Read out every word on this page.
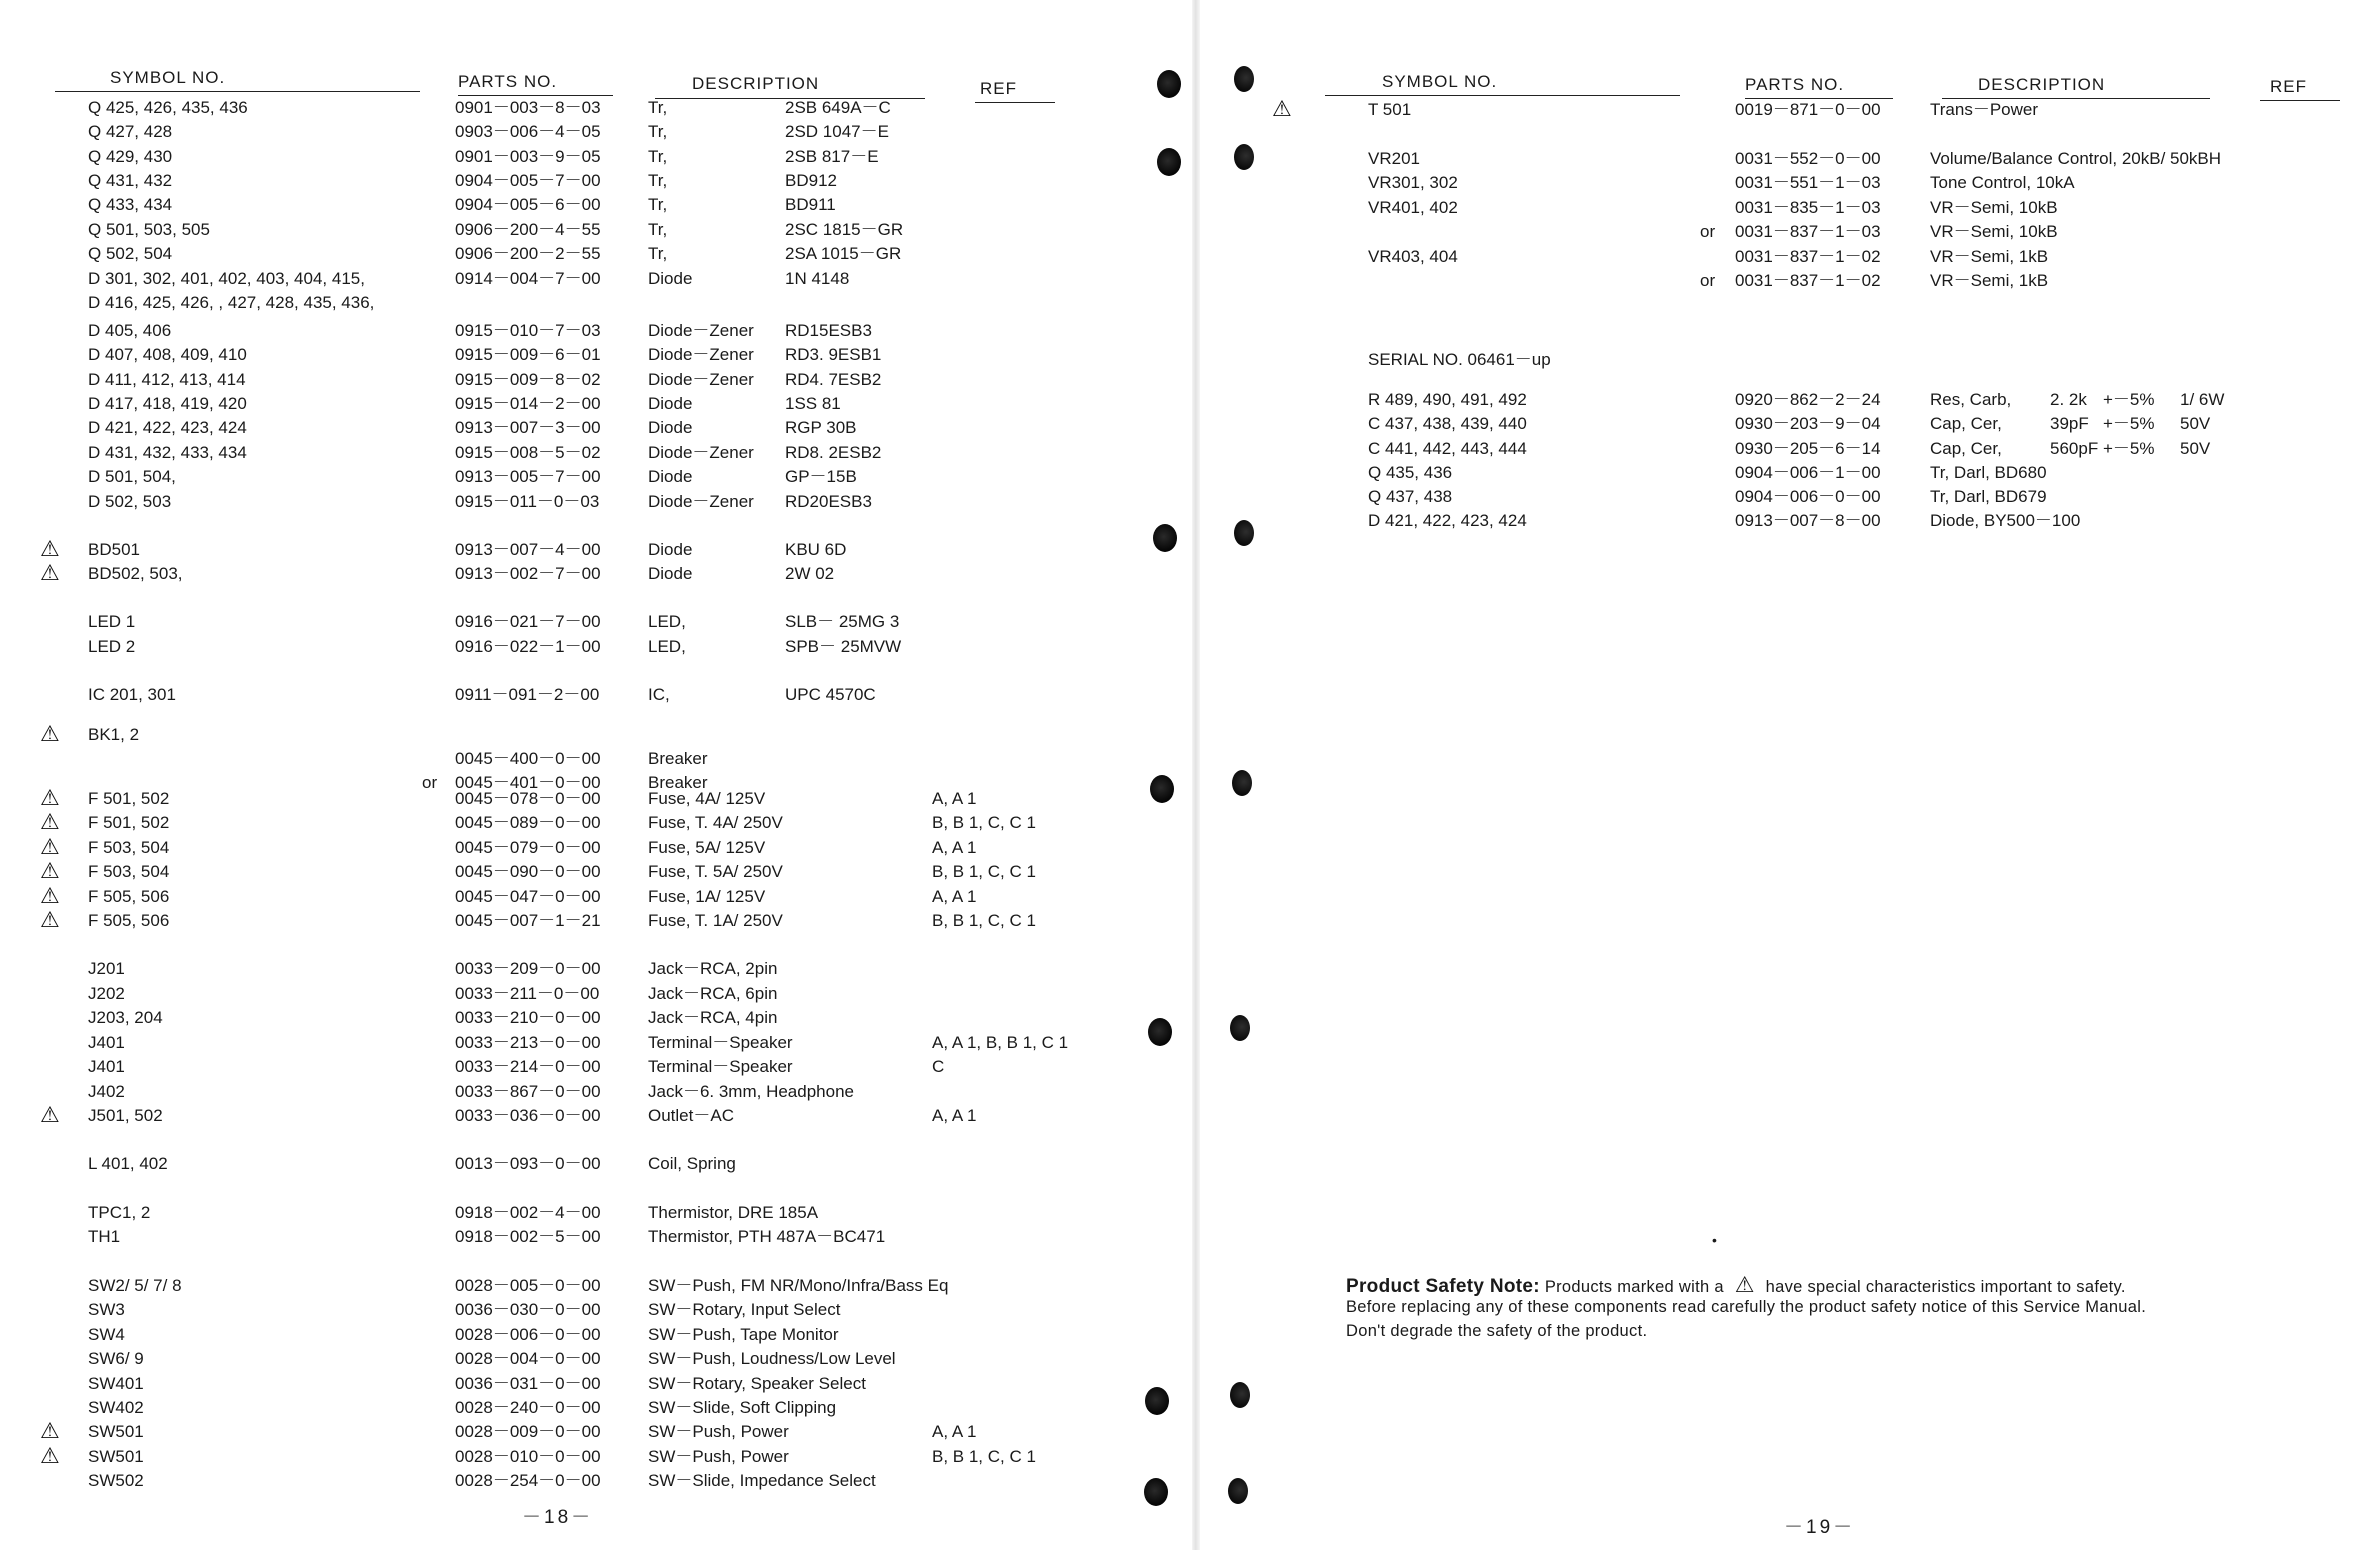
SYMBOL NO.	PARTS NO.	DESCRIPTION	REF
Q 425, 426, 435, 436	0901－003－8－03	Tr,	2SB 649A－C
Q 427, 428	0903－006－4－05	Tr,	2SD 1047－E
Q 429, 430	0901－003－9－05	Tr,	2SB 817－E
Q 431, 432	0904－005－7－00	Tr,	BD912
Q 433, 434	0904－005－6－00	Tr,	BD911
Q 501, 503, 505	0906－200－4－55	Tr,	2SC 1815－GR
Q 502, 504	0906－200－2－55	Tr,	2SA 1015－GR
D 301, 302, 401, 402, 403, 404, 415,	0914－004－7－00	Diode	1N 4148
D 416, 425, 426, , 427, 428, 435, 436,
D 405, 406	0915－010－7－03	Diode－Zener RD15ESB3
D 407, 408, 409, 410	0915－009－6－01	Diode－Zener RD3. 9ESB1
D 411, 412, 413, 414	0915－009－8－02	Diode－Zener RD4. 7ESB2
D 417, 418, 419, 420	0915－014－2－00	Diode	1SS 81
D 421, 422, 423, 424	0913－007－3－00	Diode	RGP 30B
D 431, 432, 433, 434	0915－008－5－02	Diode－Zener RD8. 2ESB2
D 501, 504,	0913－005－7－00	Diode	GP－15B
D 502, 503	0915－011－0－03	Diode－Zener RD20ESB3
⚠ BD501	0913－007－4－00	Diode	KBU 6D
⚠ BD502, 503,	0913－002－7－00	Diode	2W 02
LED 1	0916－021－7－00	LED,	SLB－ 25MG 3
LED 2	0916－022－1－00	LED,	SPB－ 25MVW
IC 201, 301	0911－091－2－00	IC,	UPC 4570C
⚠ BK1, 2
0045－400－0－00	Breaker
or 0045－401－0－00	Breaker
⚠ F 501, 502	0045－078－0－00	Fuse, 4A/ 125V	A, A 1
⚠ F 501, 502	0045－089－0－00	Fuse, T. 4A/ 250V	B, B 1, C, C 1
⚠ F 503, 504	0045－079－0－00	Fuse, 5A/ 125V	A, A 1
⚠ F 503, 504	0045－090－0－00	Fuse, T. 5A/ 250V	B, B 1, C, C 1
⚠ F 505, 506	0045－047－0－00	Fuse, 1A/ 125V	A, A 1
⚠ F 505, 506	0045－007－1－21	Fuse, T. 1A/ 250V	B, B 1, C, C 1
J201	0033－209－0－00	Jack－RCA, 2pin
J202	0033－211－0－00	Jack－RCA, 6pin
J203, 204	0033－210－0－00	Jack－RCA, 4pin
J401	0033－213－0－00	Terminal－Speaker	A, A 1, B, B 1, C 1
J401	0033－214－0－00	Terminal－Speaker	C
J402	0033－867－0－00	Jack－6. 3mm, Headphone
⚠ J501, 502	0033－036－0－00	Outlet－AC	A, A 1
L 401, 402	0013－093－0－00	Coil, Spring
TPC1, 2	0918－002－4－00	Thermistor, DRE 185A
TH1	0918－002－5－00	Thermistor, PTH 487A－BC471
SW2/ 5/ 7/ 8	0028－005－0－00	SW－Push, FM NR/Mono/Infra/Bass Eq
SW3	0036－030－0－00	SW－Rotary, Input Select
SW4	0028－006－0－00	SW－Push, Tape Monitor
SW6/ 9	0028－004－0－00	SW－Push, Loudness/Low Level
SW401	0036－031－0－00	SW－Rotary, Speaker Select
SW402	0028－240－0－00	SW－Slide, Soft Clipping
⚠ SW501	0028－009－0－00	SW－Push, Power	A, A 1
⚠ SW501	0028－010－0－00	SW－Push, Power	B, B 1, C, C 1
SW502	0028－254－0－00	SW－Slide, Impedance Select
－18－
SYMBOL NO.	PARTS NO.	DESCRIPTION	REF
⚠	T 501	0019－871－0－00	Trans－Power
VR201	0031－552－0－00	Volume/Balance Control, 20kB/ 50kBH
VR301, 302	0031－551－1－03	Tone Control, 10kA
VR401, 402	0031－835－1－03	VR－Semi, 10kB
or 0031－837－1－03	VR－Semi, 10kB
VR403, 404	0031－837－1－02	VR－Semi, 1kB
or 0031－837－1－02	VR－Semi, 1kB
SERIAL NO. 06461－up
R 489, 490, 491, 492	0920－862－2－24	Res, Carb, 2. 2k +－5% 1/ 6W
C 437, 438, 439, 440	0930－203－9－04	Cap, Cer,	39pF +－5% 50V
C 441, 442, 443, 444	0930－205－6－14	Cap, Cer,	560pF +－5% 50V
Q 435, 436	0904－006－1－00	Tr, Darl, BD680
Q 437, 438	0904－006－0－00	Tr, Darl, BD679
D 421, 422, 423, 424	0913－007－8－00	Diode, BY500－100
•
Product Safety Note: Products marked with a ⚠ have special characteristics important to safety.
Before replacing any of these components read carefully the product safety notice of this Service Manual.
Don't degrade the safety of the product.
－19－
